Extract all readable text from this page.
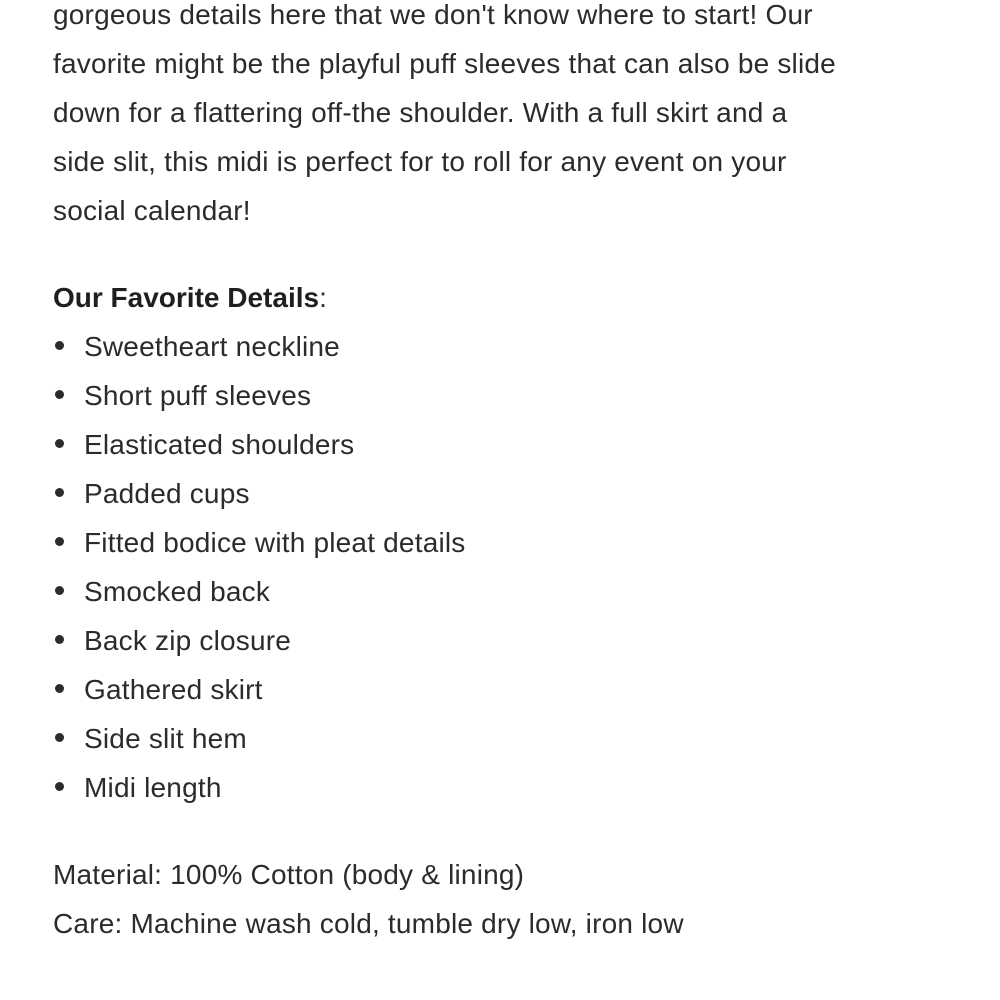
gorgeous details here that we don't know where to start! Our
favorite might be the playful puff sleeves that can also be slide
down for a flattering off-the shoulder. With a full skirt and a
side slit, this midi is perfect for to roll for any event on your
social calendar!

Our Favorite Details:
Sweetheart neckline
Short puff sleeves
Elasticated shoulders
Padded cups
Fitted bodice with pleat details
Smocked back
Back zip closure
Gathered skirt
Side slit hem
Midi length

Material: 100% Cotton (body & lining)

Care: Machine wash cold, tumble dry low, iron low
